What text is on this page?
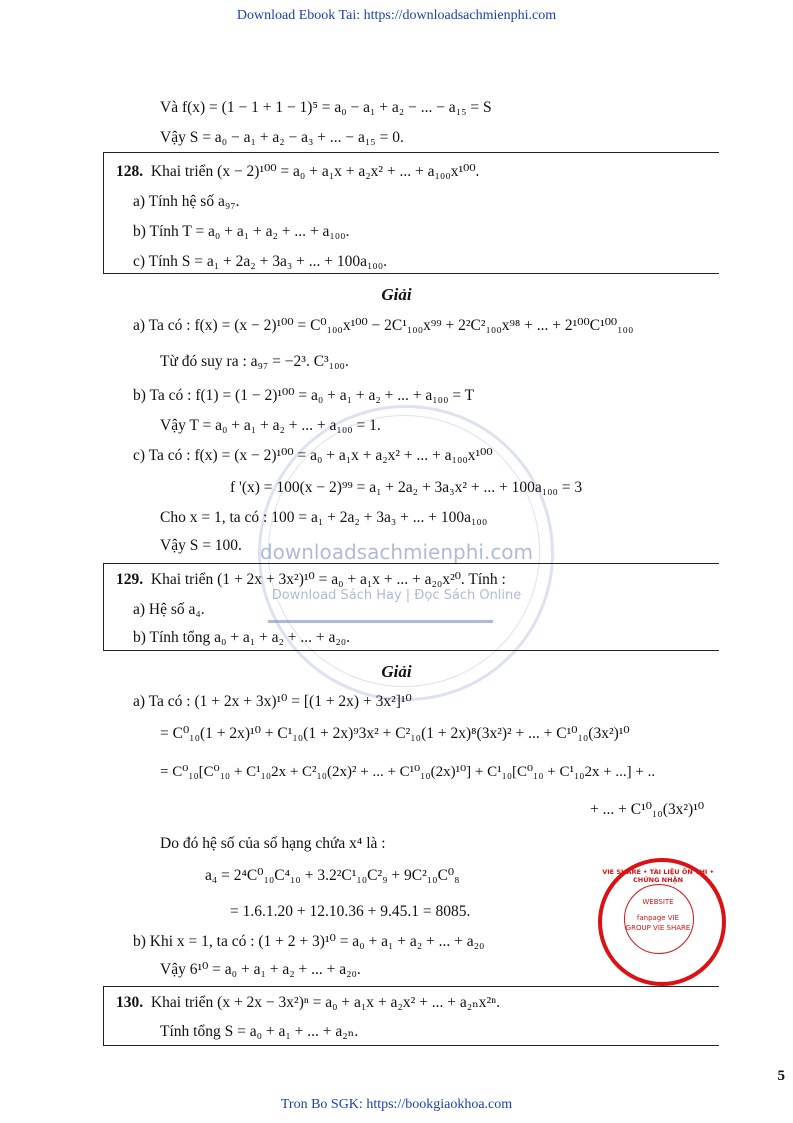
Download Ebook Tai: https://downloadsachmienphi.com
downloadsachmienphi.com
Download Sách Hay | Đọc Sách Online
Và f(x) = (1 − 1 + 1 − 1)⁵ = a₀ − a₁ + a₂ − ... − a₁₅ = S
Vậy S = a₀ − a₁ + a₂ − a₃ + ... − a₁₅ = 0.
128. Khai triển (x − 2)¹⁰⁰ = a₀ + a₁x + a₂x² + ... + a₁₀₀x¹⁰⁰.
a) Tính hệ số a₉₇.
b) Tính T = a₀ + a₁ + a₂ + ... + a₁₀₀.
c) Tính S = a₁ + 2a₂ + 3a₃ + ... + 100a₁₀₀.
Giải
a) Ta có : f(x) = (x − 2)¹⁰⁰ = C⁰₁₀₀x¹⁰⁰ − 2C¹₁₀₀x⁹⁹ + 2²C²₁₀₀x⁹⁸ + ... + 2¹⁰⁰C¹⁰⁰₁₀₀
Từ đó suy ra : a₉₇ = −2³. C³₁₀₀.
b) Ta có : f(1) = (1 − 2)¹⁰⁰ = a₀ + a₁ + a₂ + ... + a₁₀₀ = T
Vậy T = a₀ + a₁ + a₂ + ... + a₁₀₀ = 1.
c) Ta có : f(x) = (x − 2)¹⁰⁰ = a₀ + a₁x + a₂x² + ... + a₁₀₀x¹⁰⁰
f '(x) = 100(x − 2)⁹⁹ = a₁ + 2a₂ + 3a₃x² + ... + 100a₁₀₀ = 3
Cho x = 1, ta có : 100 = a₁ + 2a₂ + 3a₃ + ... + 100a₁₀₀
Vậy S = 100.
129. Khai triển (1 + 2x + 3x²)¹⁰ = a₀ + a₁x + ... + a₂₀x²⁰. Tính :
a) Hệ số a₄.
b) Tính tổng a₀ + a₁ + a₂ + ... + a₂₀.
Giải
a) Ta có : (1 + 2x + 3x)¹⁰ = [(1 + 2x) + 3x²]¹⁰
= C⁰₁₀(1 + 2x)¹⁰ + C¹₁₀(1 + 2x)⁹3x² + C²₁₀(1 + 2x)⁸(3x²)² + ... + C¹⁰₁₀(3x²)¹⁰
= C⁰₁₀[C⁰₁₀ + C¹₁₀2x + C²₁₀(2x)² + ... + C¹⁰₁₀(2x)¹⁰] + C¹₁₀[C⁰₁₀ + C¹₁₀2x + ...] + ..
+ ... + C¹⁰₁₀(3x²)¹⁰
Do đó hệ số của số hạng chứa x⁴ là :
a₄ = 2⁴C⁰₁₀C⁴₁₀ + 3.2²C¹₁₀C²₉ + 9C²₁₀C⁰₈
= 1.6.1.20 + 12.10.36 + 9.45.1 = 8085.
b) Khi x = 1, ta có : (1 + 2 + 3)¹⁰ = a₀ + a₁ + a₂ + ... + a₂₀
Vậy 6¹⁰ = a₀ + a₁ + a₂ + ... + a₂₀.
VIE SHARE • TÀI LIỆU ÔN THI • CHỨNG NHẬN
WEBSITE
fanpage VIE
GROUP VIE SHARE
130. Khai triển (x + 2x − 3x²)ⁿ = a₀ + a₁x + a₂x² + ... + a₂ₙx²ⁿ.
Tính tổng S = a₀ + a₁ + ... + a₂ₙ.
5
Tron Bo SGK: https://bookgiaokhoa.com
